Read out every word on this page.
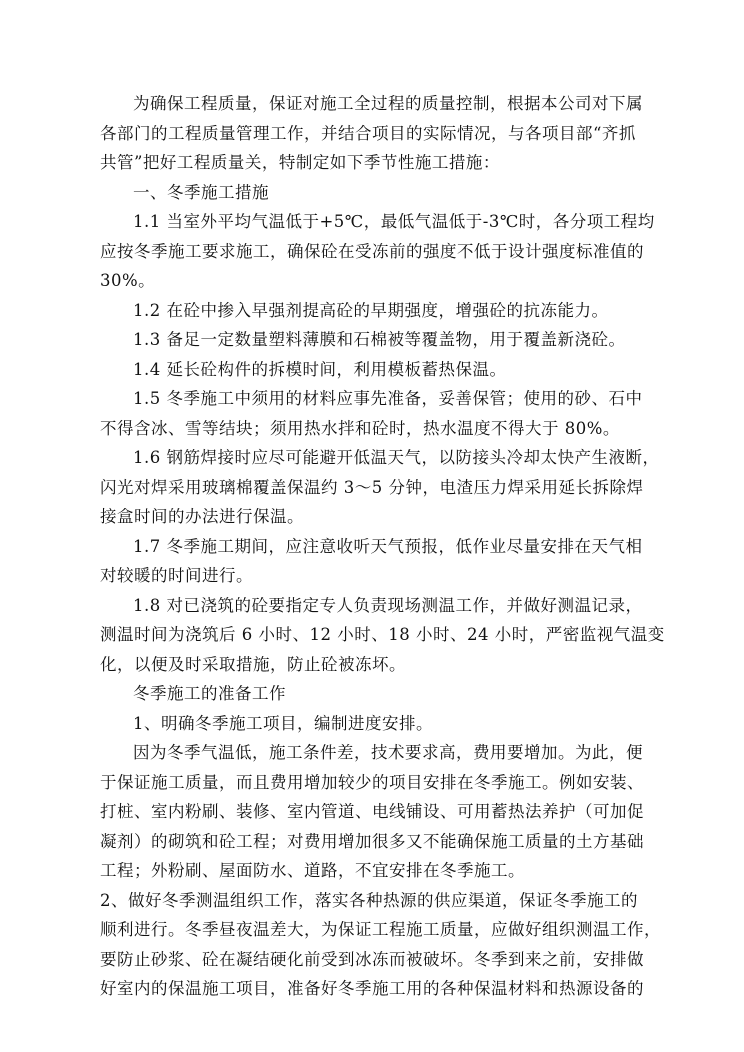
为确保工程质量，保证对施工全过程的质量控制，根据本公司对下属
各部门的工程质量管理工作，并结合项目的实际情况，与各项目部“齐抓
共管”把好工程质量关，特制定如下季节性施工措施：
一、冬季施工措施
1.1 当室外平均气温低于+5℃，最低气温低于-3℃时，各分项工程均
应按冬季施工要求施工，确保砼在受冻前的强度不低于设计强度标准值的
30%。
1.2 在砼中掺入早强剂提高砼的早期强度，增强砼的抗冻能力。
1.3 备足一定数量塑料薄膜和石棉被等覆盖物，用于覆盖新浇砼。
1.4 延长砼构件的拆模时间，利用模板蓄热保温。
1.5 冬季施工中须用的材料应事先准备，妥善保管；使用的砂、石中
不得含冰、雪等结块；须用热水拌和砼时，热水温度不得大于 80%。
1.6 钢筋焊接时应尽可能避开低温天气，以防接头冷却太快产生液断，
闪光对焊采用玻璃棉覆盖保温约 3～5 分钟，电渣压力焊采用延长拆除焊
接盒时间的办法进行保温。
1.7 冬季施工期间，应注意收听天气预报，低作业尽量安排在天气相
对较暖的时间进行。
1.8 对已浇筑的砼要指定专人负责现场测温工作，并做好测温记录，
测温时间为浇筑后 6 小时、12 小时、18 小时、24 小时，严密监视气温变
化，以便及时采取措施，防止砼被冻坏。
冬季施工的准备工作
1、明确冬季施工项目，编制进度安排。
因为冬季气温低，施工条件差，技术要求高，费用要增加。为此，便
于保证施工质量，而且费用增加较少的项目安排在冬季施工。例如安装、
打桩、室内粉刷、装修、室内管道、电线铺设、可用蓄热法养护（可加促
凝剂）的砌筑和砼工程；对费用增加很多又不能确保施工质量的土方基础
工程；外粉刷、屋面防水、道路，不宜安排在冬季施工。
2、做好冬季测温组织工作，落实各种热源的供应渠道，保证冬季施工的
顺利进行。冬季昼夜温差大，为保证工程施工质量，应做好组织测温工作，
要防止砂浆、砼在凝结硬化前受到冰冻而被破坏。冬季到来之前，安排做
好室内的保温施工项目，准备好冬季施工用的各种保温材料和热源设备的
